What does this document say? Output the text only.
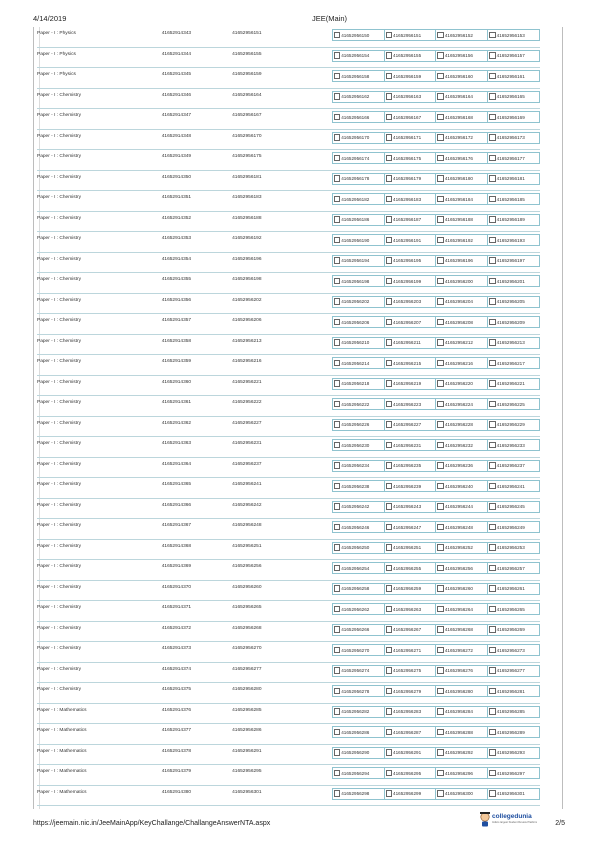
4/14/2019	JEE(Main)
Paper - I : Physics	41652914343	41652956151	41652956150 41652956151 41652956152 41652956153

Paper - I : Physics	41652914344	41652956155	41652956154 41652956155 41652956156 41652956157

Paper - I : Physics	41652914345	41652956159	41652956158 41652956159 41652956160 41652956161

Paper - I : Chemistry	41652914346	41652956164	41652956162 41652956163 41652956164 41652956165

Paper - I : Chemistry	41652914347	41652956167	41652956166 41652956167 41652956168 41652956169

Paper - I : Chemistry	41652914348	41652956170	41652956170 41652956171 41652956172 41652956173

Paper - I : Chemistry	41652914349	41652956175	41652956174 41652956175 41652956176 41652956177

Paper - I : Chemistry	41652914350	41652956181	41652956178 41652956179 41652956180 41652956181

Paper - I : Chemistry	41652914351	41652956183	41652956182 41652956183 41652956184 41652956185

Paper - I : Chemistry	41652914352	41652956188	41652956186 41652956187 41652956188 41652956189

Paper - I : Chemistry	41652914353	41652956192	41652956190 41652956191 41652956192 41652956193

Paper - I : Chemistry	41652914354	41652956196	41652956194 41652956195 41652956196 41652956197

Paper - I : Chemistry	41652914355	41652956198	41652956198 41652956199 41652956200 41652956201

Paper - I : Chemistry	41652914356	41652956202	41652956202 41652956203 41652956204 41652956205

Paper - I : Chemistry	41652914357	41652956206	41652956206 41652956207 41652956208 41652956209

Paper - I : Chemistry	41652914358	41652956213	41652956210 41652956211 41652956212 41652956213

Paper - I : Chemistry	41652914359	41652956216	41652956214 41652956215 41652956216 41652956217

Paper - I : Chemistry	41652914360	41652956221	41652956218 41652956219 41652956220 41652956221

Paper - I : Chemistry	41652914361	41652956222	41652956222 41652956223 41652956224 41652956225

Paper - I : Chemistry	41652914362	41652956227	41652956226 41652956227 41652956228 41652956229

Paper - I : Chemistry	41652914363	41652956231	41652956230 41652956231 41652956232 41652956233

Paper - I : Chemistry	41652914364	41652956237	41652956234 41652956235 41652956236 41652956237

Paper - I : Chemistry	41652914365	41652956241	41652956238 41652956239 41652956240 41652956241

Paper - I : Chemistry	41652914366	41652956242	41652956242 41652956243 41652956244 41652956245

Paper - I : Chemistry	41652914367	41652956248	41652956246 41652956247 41652956248 41652956249

Paper - I : Chemistry	41652914368	41652956251	41652956250 41652956251 41652956252 41652956253

Paper - I : Chemistry	41652914369	41652956256	41652956254 41652956255 41652956256 41652956257

Paper - I : Chemistry	41652914370	41652956260	41652956258 41652956259 41652956260 41652956261

Paper - I : Chemistry	41652914371	41652956265	41652956262 41652956263 41652956264 41652956265

Paper - I : Chemistry	41652914372	41652956268	41652956266 41652956267 41652956268 41652956269

Paper - I : Chemistry	41652914373	41652956270	41652956270 41652956271 41652956272 41652956273

Paper - I : Chemistry	41652914374	41652956277	41652956274 41652956275 41652956276 41652956277

Paper - I : Chemistry	41652914375	41652956280	41652956278 41652956279 41652956280 41652956281

Paper - I : Mathematics	41652914376	41652956285	41652956282 41652956283 41652956284 41652956285

Paper - I : Mathematics	41652914377	41652956286	41652956286 41652956287 41652956288 41652956289

Paper - I : Mathematics	41652914378	41652956291	41652956290 41652956291 41652956292 41652956293

Paper - I : Mathematics	41652914379	41652956295	41652956294 41652956295 41652956296 41652956297

Paper - I : Mathematics	41652914380	41652956301	41652956298 41652956299 41652956300 41652956301
https://jeemain.nic.in/JeeMainApp/KeyChallange/ChallangeAnswerNTA.aspx
collegedunia
India's largest Student Review Platform	2/5
